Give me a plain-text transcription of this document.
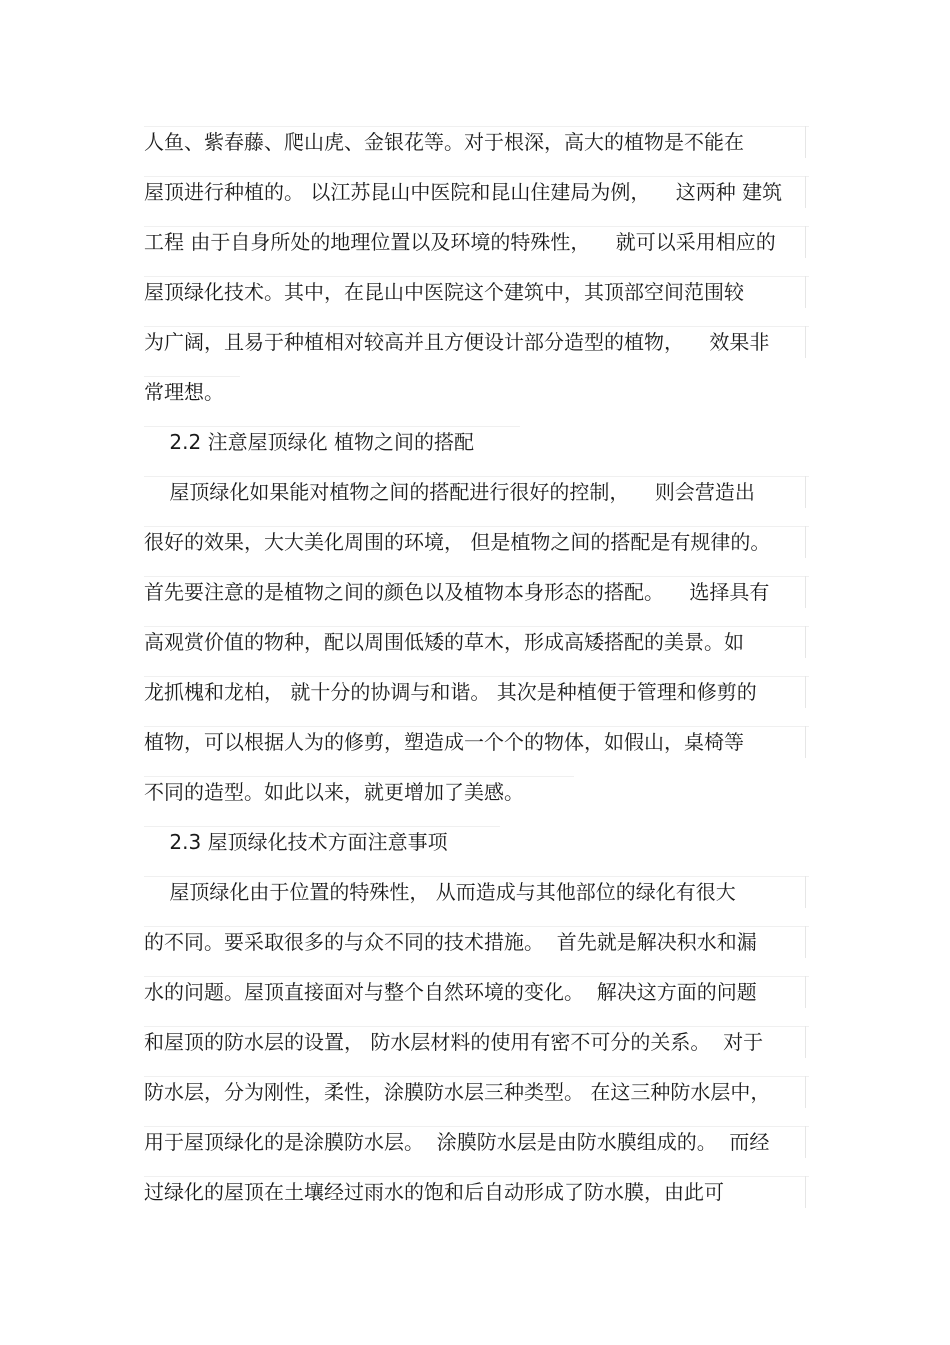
人鱼、紫春藤、爬山虎、金银花等。对于根深，高大的植物是不能在
屋顶进行种植的。 以江苏昆山中医院和昆山住建局为例，    这两种 建筑
工程 由于自身所处的地理位置以及环境的特殊性，    就可以采用相应的
屋顶绿化技术。其中，在昆山中医院这个建筑中，其顶部空间范围较
为广阔，且易于种植相对较高并且方便设计部分造型的植物，    效果非
常理想。
2.2 注意屋顶绿化 植物之间的搭配
屋顶绿化如果能对植物之间的搭配进行很好的控制，    则会营造出
很好的效果，大大美化周围的环境， 但是植物之间的搭配是有规律的。
首先要注意的是植物之间的颜色以及植物本身形态的搭配。    选择具有
高观赏价值的物种，配以周围低矮的草木，形成高矮搭配的美景。如
龙抓槐和龙柏， 就十分的协调与和谐。 其次是种植便于管理和修剪的
植物，可以根据人为的修剪，塑造成一个个的物体，如假山，桌椅等
不同的造型。如此以来，就更增加了美感。
2.3 屋顶绿化技术方面注意事项
屋顶绿化由于位置的特殊性， 从而造成与其他部位的绿化有很大
的不同。要采取很多的与众不同的技术措施。  首先就是解决积水和漏
水的问题。屋顶直接面对与整个自然环境的变化。  解决这方面的问题
和屋顶的防水层的设置， 防水层材料的使用有密不可分的关系。  对于
防水层，分为刚性，柔性，涂膜防水层三种类型。 在这三种防水层中，
用于屋顶绿化的是涂膜防水层。  涂膜防水层是由防水膜组成的。  而经
过绿化的屋顶在土壤经过雨水的饱和后自动形成了防水膜，由此可
